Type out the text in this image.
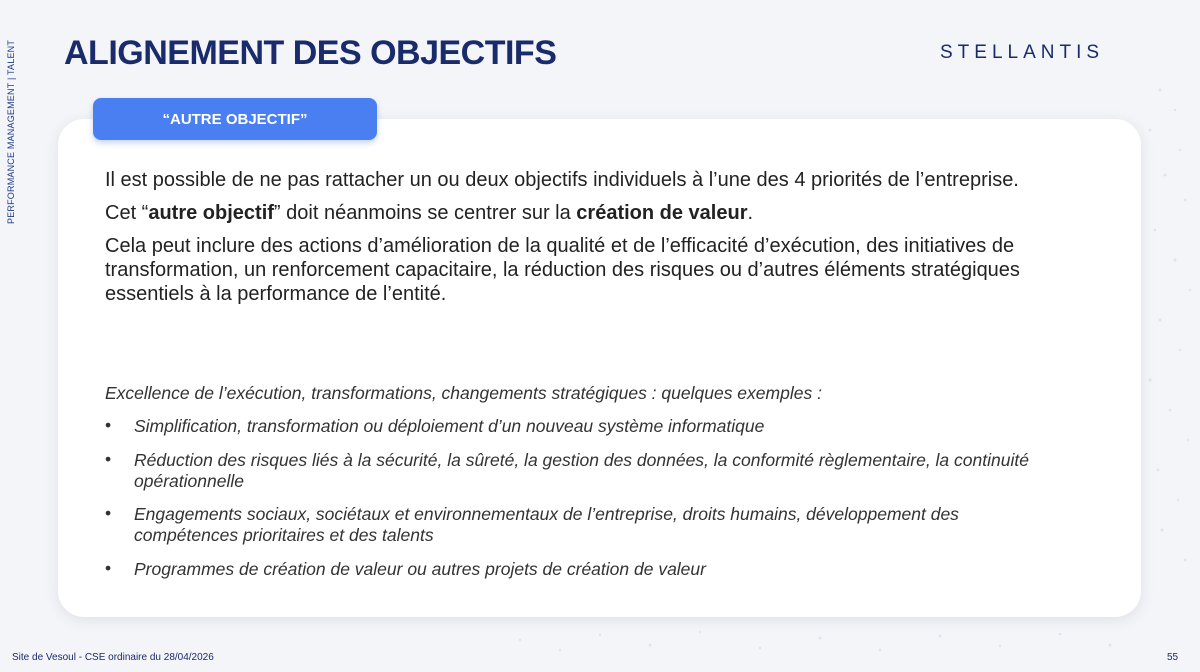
PERFORMANCE MANAGEMENT | TALENT ALIGNEMENT DES OBJECTIFS	STELLANTIS
“AUTRE OBJECTIF”

Il est possible de ne pas rattacher un ou deux objectifs individuels à l’une des 4 priorités de l’entreprise.

Cet “autre objectif” doit néanmoins se centrer sur la création de valeur.

Cela peut inclure des actions d’amélioration de la qualité et de l’efficacité d’exécution, des initiatives de transformation, un renforcement capacitaire, la réduction des risques ou d’autres éléments stratégiques essentiels à la performance de l’entité.

Excellence de l’exécution, transformations, changements stratégiques : quelques exemples :

• Simplification, transformation ou déploiement d’un nouveau système informatique
• Réduction des risques liés à la sécurité, la sûreté, la gestion des données, la conformité règlementaire, la continuité opérationnelle
• Engagements sociaux, sociétaux et environnementaux de l’entreprise, droits humains, développement des compétences prioritaires et des talents
• Programmes de création de valeur ou autres projets de création de valeur
Site de Vesoul - CSE ordinaire du 28/04/2026	55
